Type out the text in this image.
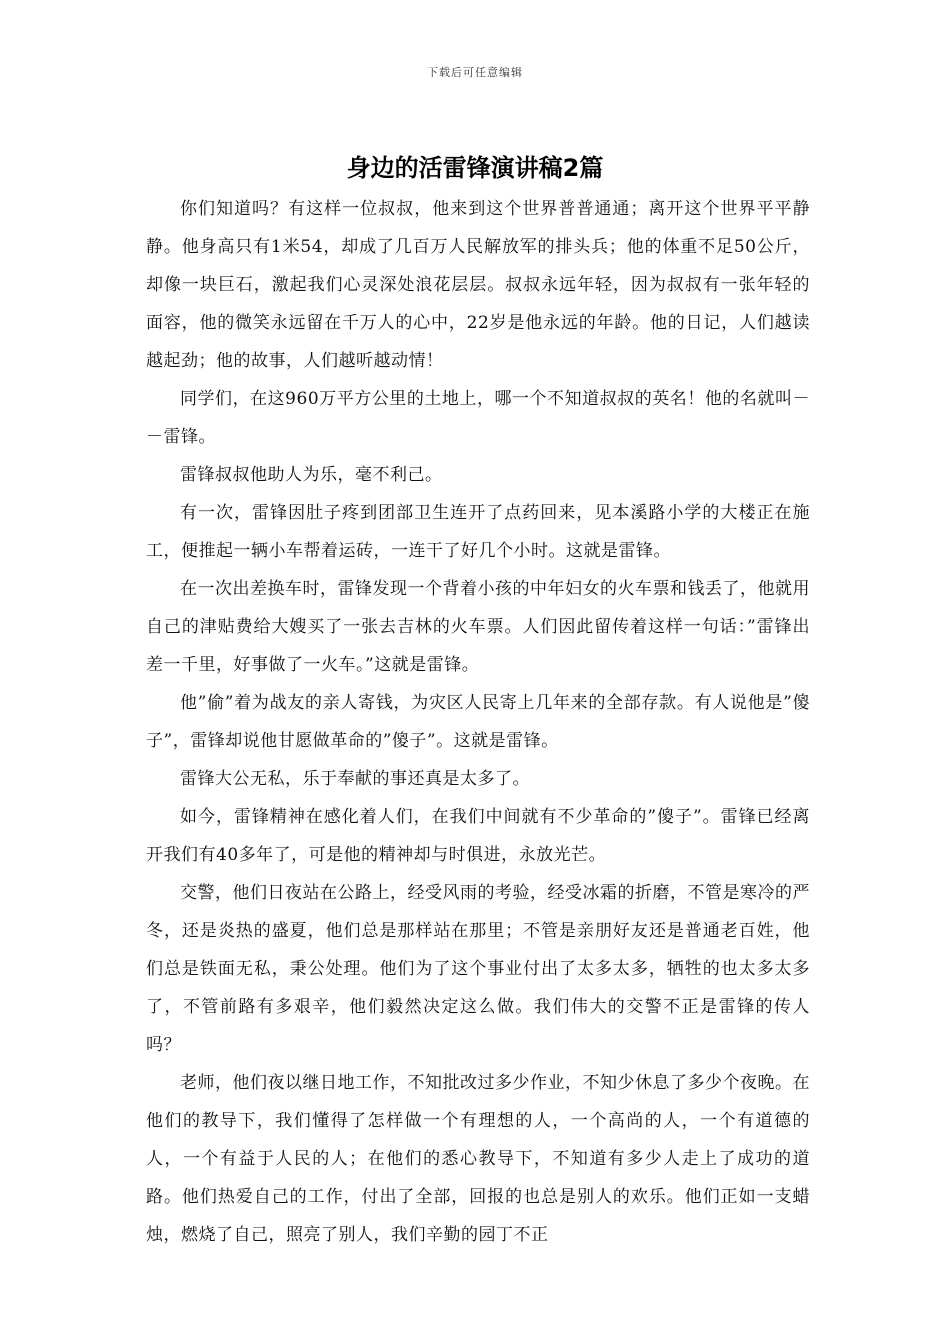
下载后可任意编辑
身边的活雷锋演讲稿2篇

你们知道吗？有这样一位叔叔，他来到这个世界普普通通；离开这个世界平平静静。他身高只有1米54，却成了几百万人民解放军的排头兵；他的体重不足50公斤，却像一块巨石，激起我们心灵深处浪花层层。叔叔永远年轻，因为叔叔有一张年轻的面容，他的微笑永远留在千万人的心中，22岁是他永远的年龄。他的日记，人们越读越起劲；他的故事，人们越听越动情！

同学们，在这960万平方公里的土地上，哪一个不知道叔叔的英名！他的名就叫－－雷锋。

雷锋叔叔他助人为乐，毫不利己。

有一次，雷锋因肚子疼到团部卫生连开了点药回来，见本溪路小学的大楼正在施工，便推起一辆小车帮着运砖，一连干了好几个小时。这就是雷锋。

在一次出差换车时，雷锋发现一个背着小孩的中年妇女的火车票和钱丢了，他就用自己的津贴费给大嫂买了一张去吉林的火车票。人们因此留传着这样一句话：”雷锋出差一千里，好事做了一火车。”这就是雷锋。

他”偷”着为战友的亲人寄钱，为灾区人民寄上几年来的全部存款。有人说他是”傻子”，雷锋却说他甘愿做革命的”傻子”。这就是雷锋。

雷锋大公无私，乐于奉献的事还真是太多了。

如今，雷锋精神在感化着人们，在我们中间就有不少革命的”傻子”。雷锋已经离开我们有40多年了，可是他的精神却与时俱进，永放光芒。

交警，他们日夜站在公路上，经受风雨的考验，经受冰霜的折磨，不管是寒冷的严冬，还是炎热的盛夏，他们总是那样站在那里；不管是亲朋好友还是普通老百姓，他们总是铁面无私，秉公处理。他们为了这个事业付出了太多太多，牺牲的也太多太多了，不管前路有多艰辛，他们毅然决定这么做。我们伟大的交警不正是雷锋的传人吗？

老师，他们夜以继日地工作，不知批改过多少作业，不知少休息了多少个夜晚。在他们的教导下，我们懂得了怎样做一个有理想的人，一个高尚的人，一个有道德的人，一个有益于人民的人；在他们的悉心教导下，不知道有多少人走上了成功的道路。他们热爱自己的工作，付出了全部，回报的也总是别人的欢乐。他们正如一支蜡烛，燃烧了自己，照亮了别人，我们辛勤的园丁不正
